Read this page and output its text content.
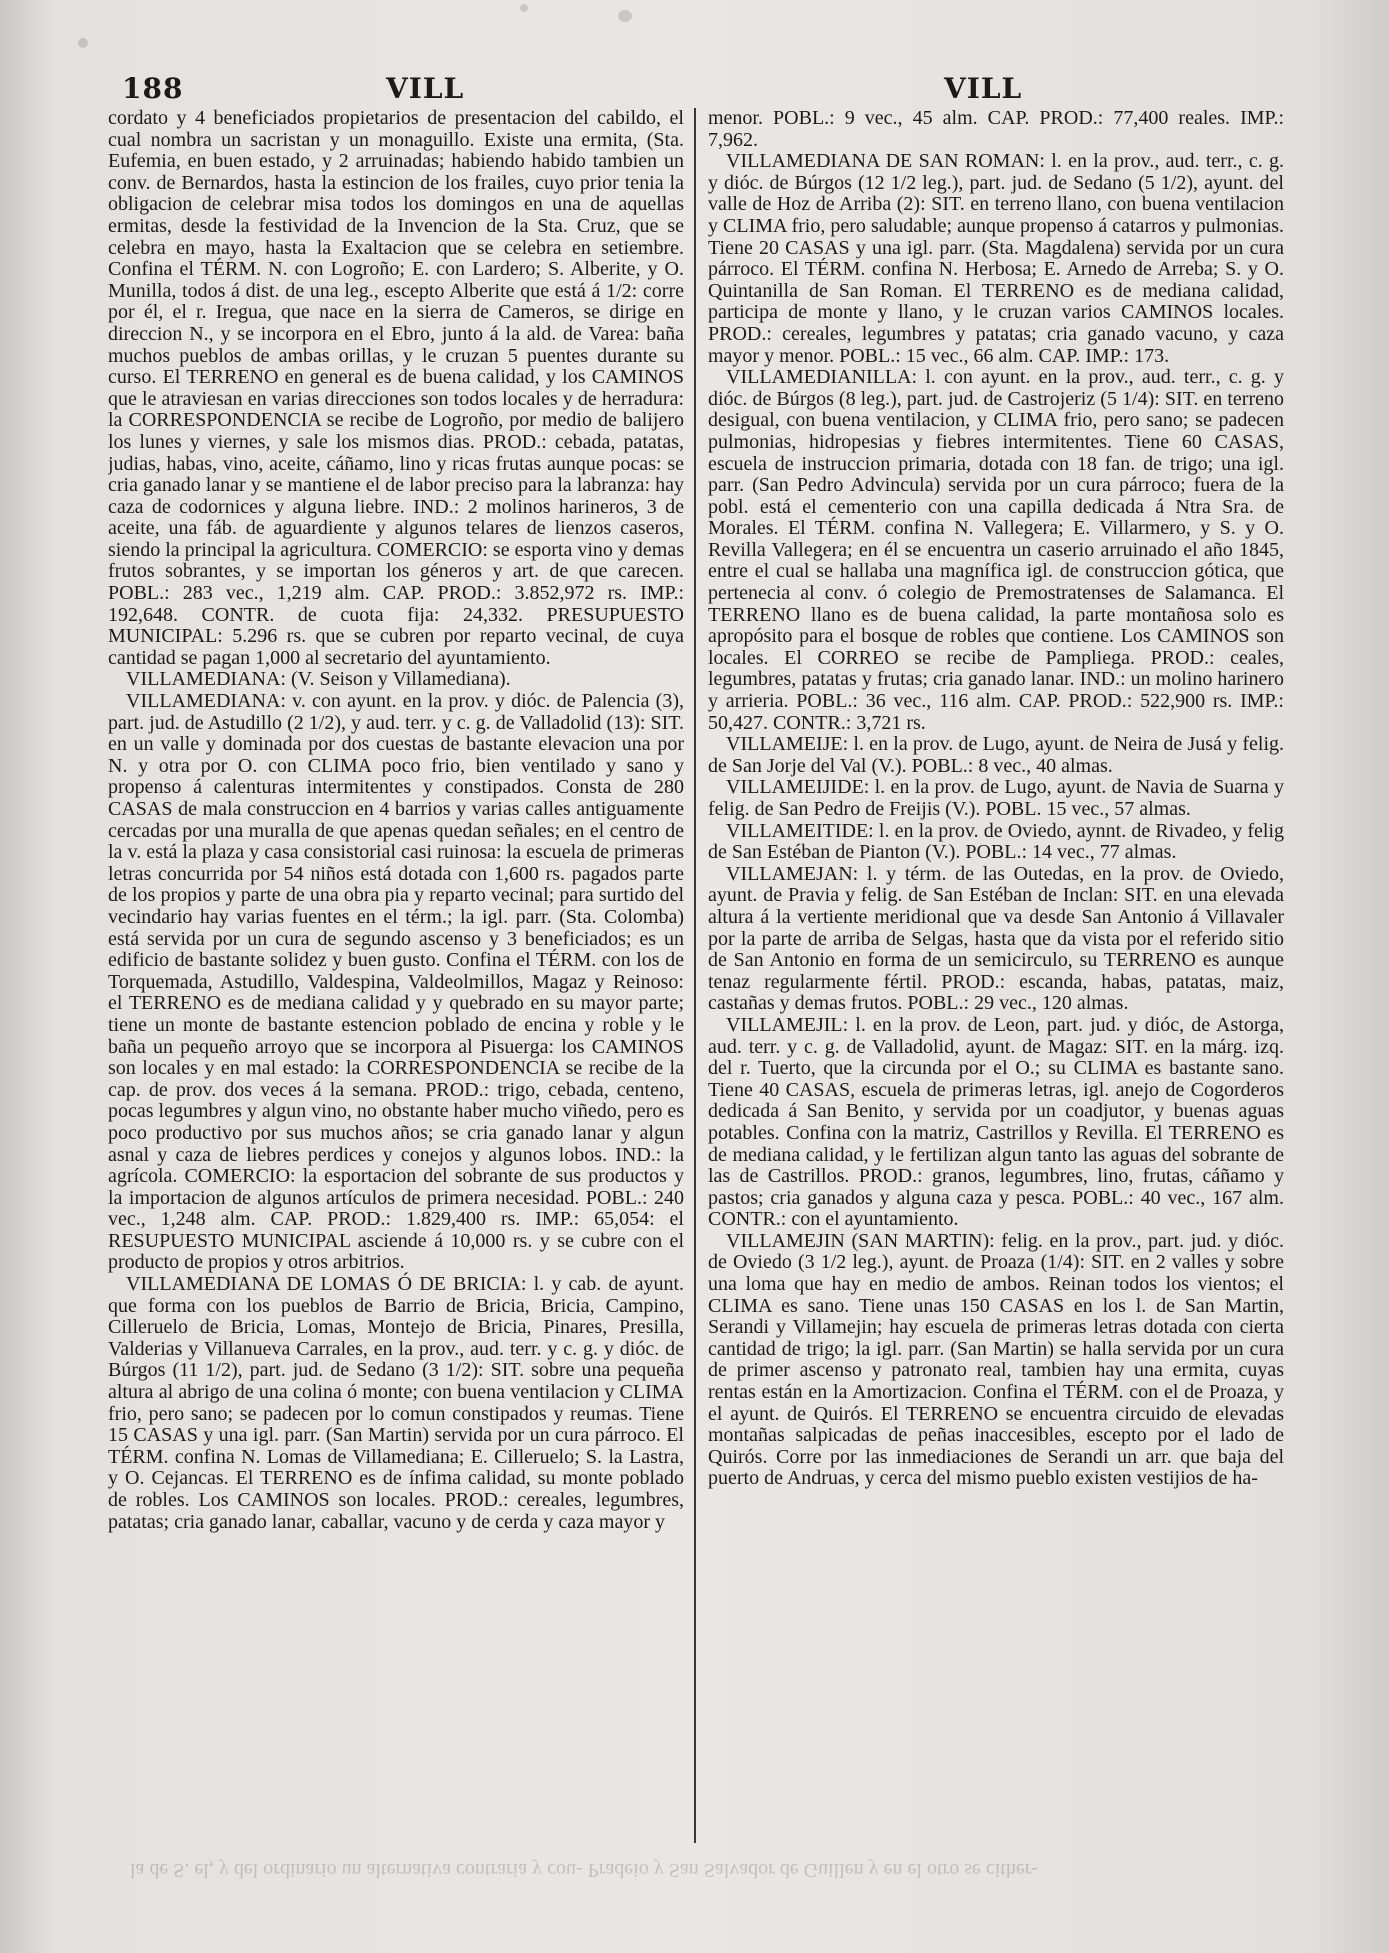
188	VILL	VILL

cordato y 4 beneficiados propietarios de presentacion del cabildo, el cual nombra un sacristan y un monaguillo. Existe una ermita, (Sta. Eufemia, en buen estado, y 2 arruinadas; habiendo habido tambien un conv. de Bernardos, hasta la estincion de los frailes, cuyo prior tenia la obligacion de celebrar misa todos los domingos en una de aquellas ermitas, desde la festividad de la Invencion de la Sta. Cruz, que se celebra en mayo, hasta la Exaltacion que se celebra en setiembre. Confina el TÉRM. N. con Logroño; E. con Lardero; S. Alberite, y O. Munilla, todos á dist. de una leg., escepto Alberite que está á 1/2: corre por él, el r. Iregua, que nace en la sierra de Cameros, se dirige en direccion N., y se incorpora en el Ebro, junto á la ald. de Varea: baña muchos pueblos de ambas orillas, y le cruzan 5 puentes durante su curso. El TERRENO en general es de buena calidad, y los CAMINOS que le atraviesan en varias direcciones son todos locales y de herradura: la CORRESPONDENCIA se recibe de Logroño, por medio de balijero los lunes y viernes, y sale los mismos dias. PROD.: cebada, patatas, judias, habas, vino, aceite, cáñamo, lino y ricas frutas aunque pocas: se cria ganado lanar y se mantiene el de labor preciso para la labranza: hay caza de codornices y alguna liebre. IND.: 2 molinos harineros, 3 de aceite, una fáb. de aguardiente y algunos telares de lienzos caseros, siendo la principal la agricultura. COMERCIO: se esporta vino y demas frutos sobrantes, y se importan los géneros y art. de que carecen. POBL.: 283 vec., 1,219 alm. CAP. PROD.: 3.852,972 rs. IMP.: 192,648. CONTR. de cuota fija: 24,332. PRESUPUESTO MUNICIPAL: 5.296 rs. que se cubren por reparto vecinal, de cuya cantidad se pagan 1,000 al secretario del ayuntamiento.

VILLAMEDIANA: (V. Seison y Villamediana).

VILLAMEDIANA: v. con ayunt. en la prov. y dióc. de Palencia (3), part. jud. de Astudillo (2 1/2), y aud. terr. y c. g. de Valladolid (13): SIT. en un valle y dominada por dos cuestas de bastante elevacion una por N. y otra por O. con CLIMA poco frio, bien ventilado y sano y propenso á calenturas intermitentes y constipados. Consta de 280 CASAS de mala construccion en 4 barrios y varias calles antiguamente cercadas por una muralla de que apenas quedan señales; en el centro de la v. está la plaza y casa consistorial casi ruinosa: la escuela de primeras letras concurrida por 54 niños está dotada con 1,600 rs. pagados parte de los propios y parte de una obra pia y reparto vecinal; para surtido del vecindario hay varias fuentes en el térm.; la igl. parr. (Sta. Colomba) está servida por un cura de segundo ascenso y 3 beneficiados; es un edificio de bastante solidez y buen gusto. Confina el TÉRM. con los de Torquemada, Astudillo, Valdespina, Valdeolmillos, Magaz y Reinoso: el TERRENO es de mediana calidad y y quebrado en su mayor parte; tiene un monte de bastante estencion poblado de encina y roble y le baña un pequeño arroyo que se incorpora al Pisuerga: los CAMINOS son locales y en mal estado: la CORRESPONDENCIA se recibe de la cap. de prov. dos veces á la semana. PROD.: trigo, cebada, centeno, pocas legumbres y algun vino, no obstante haber mucho viñedo, pero es poco productivo por sus muchos años; se cria ganado lanar y algun asnal y caza de liebres perdices y conejos y algunos lobos. IND.: la agrícola. COMERCIO: la esportacion del sobrante de sus productos y la importacion de algunos artículos de primera necesidad. POBL.: 240 vec., 1,248 alm. CAP. PROD.: 1.829,400 rs. IMP.: 65,054: el RESUPUESTO MUNICIPAL asciende á 10,000 rs. y se cubre con el producto de propios y otros arbitrios.

VILLAMEDIANA DE LOMAS Ó DE BRICIA: l. y cab. de ayunt. que forma con los pueblos de Barrio de Bricia, Bricia, Campino, Cilleruelo de Bricia, Lomas, Montejo de Bricia, Pinares, Presilla, Valderias y Villanueva Carrales, en la prov., aud. terr. y c. g. y dióc. de Búrgos (11 1/2), part. jud. de Sedano (3 1/2): SIT. sobre una pequeña altura al abrigo de una colina ó monte; con buena ventilacion y CLIMA frio, pero sano; se padecen por lo comun constipados y reumas. Tiene 15 CASAS y una igl. parr. (San Martin) servida por un cura párroco. El TÉRM. confina N. Lomas de Villamediana; E. Cilleruelo; S. la Lastra, y O. Cejancas. El TERRENO es de ínfima calidad, su monte poblado de robles. Los CAMINOS son locales. PROD.: cereales, legumbres, patatas; cria ganado lanar, caballar, vacuno y de cerda y caza mayor y

menor. POBL.: 9 vec., 45 alm. CAP. PROD.: 77,400 reales. IMP.: 7,962.

VILLAMEDIANA DE SAN ROMAN: l. en la prov., aud. terr., c. g. y dióc. de Búrgos (12 1/2 leg.), part. jud. de Sedano (5 1/2), ayunt. del valle de Hoz de Arriba (2): SIT. en terreno llano, con buena ventilacion y CLIMA frio, pero saludable; aunque propenso á catarros y pulmonias. Tiene 20 CASAS y una igl. parr. (Sta. Magdalena) servida por un cura párroco. El TÉRM. confina N. Herbosa; E. Arnedo de Arreba; S. y O. Quintanilla de San Roman. El TERRENO es de mediana calidad, participa de monte y llano, y le cruzan varios CAMINOS locales. PROD.: cereales, legumbres y patatas; cria ganado vacuno, y caza mayor y menor. POBL.: 15 vec., 66 alm. CAP. IMP.: 173.

VILLAMEDIANILLA: l. con ayunt. en la prov., aud. terr., c. g. y dióc. de Búrgos (8 leg.), part. jud. de Castrojeriz (5 1/4): SIT. en terreno desigual, con buena ventilacion, y CLIMA frio, pero sano; se padecen pulmonias, hidropesias y fiebres intermitentes. Tiene 60 CASAS, escuela de instruccion primaria, dotada con 18 fan. de trigo; una igl. parr. (San Pedro Advincula) servida por un cura párroco; fuera de la pobl. está el cementerio con una capilla dedicada á Ntra Sra. de Morales. El TÉRM. confina N. Vallegera; E. Villarmero, y S. y O. Revilla Vallegera; en él se encuentra un caserio arruinado el año 1845, entre el cual se hallaba una magnífica igl. de construccion gótica, que pertenecia al conv. ó colegio de Premostratenses de Salamanca. El TERRENO llano es de buena calidad, la parte montañosa solo es apropósito para el bosque de robles que contiene. Los CAMINOS son locales. El CORREO se recibe de Pampliega. PROD.: ceales, legumbres, patatas y frutas; cria ganado lanar. IND.: un molino harinero y arrieria. POBL.: 36 vec., 116 alm. CAP. PROD.: 522,900 rs. IMP.: 50,427. CONTR.: 3,721 rs.

VILLAMEIJE: l. en la prov. de Lugo, ayunt. de Neira de Jusá y felig. de San Jorje del Val (V.). POBL.: 8 vec., 40 almas.

VILLAMEIJIDE: l. en la prov. de Lugo, ayunt. de Navia de Suarna y felig. de San Pedro de Freijis (V.). POBL. 15 vec., 57 almas.

VILLAMEITIDE: l. en la prov. de Oviedo, aynnt. de Rivadeo, y felig de San Estéban de Pianton (V.). POBL.: 14 vec., 77 almas.

VILLAMEJAN: l. y térm. de las Outedas, en la prov. de Oviedo, ayunt. de Pravia y felig. de San Estéban de Inclan: SIT. en una elevada altura á la vertiente meridional que va desde San Antonio á Villavaler por la parte de arriba de Selgas, hasta que da vista por el referido sitio de San Antonio en forma de un semicirculo, su TERRENO es aunque tenaz regularmente fértil. PROD.: escanda, habas, patatas, maiz, castañas y demas frutos. POBL.: 29 vec., 120 almas.

VILLAMEJIL: l. en la prov. de Leon, part. jud. y dióc, de Astorga, aud. terr. y c. g. de Valladolid, ayunt. de Magaz: SIT. en la márg. izq. del r. Tuerto, que la circunda por el O.; su CLIMA es bastante sano. Tiene 40 CASAS, escuela de primeras letras, igl. anejo de Cogorderos dedicada á San Benito, y servida por un coadjutor, y buenas aguas potables. Confina con la matriz, Castrillos y Revilla. El TERRENO es de mediana calidad, y le fertilizan algun tanto las aguas del sobrante de las de Castrillos. PROD.: granos, legumbres, lino, frutas, cáñamo y pastos; cria ganados y alguna caza y pesca. POBL.: 40 vec., 167 alm. CONTR.: con el ayuntamiento.

VILLAMEJIN (SAN MARTIN): felig. en la prov., part. jud. y dióc. de Oviedo (3 1/2 leg.), ayunt. de Proaza (1/4): SIT. en 2 valles y sobre una loma que hay en medio de ambos. Reinan todos los vientos; el CLIMA es sano. Tiene unas 150 CASAS en los l. de San Martin, Serandi y Villamejin; hay escuela de primeras letras dotada con cierta cantidad de trigo; la igl. parr. (San Martin) se halla servida por un cura de primer ascenso y patronato real, tambien hay una ermita, cuyas rentas están en la Amortizacion. Confina el TÉRM. con el de Proaza, y el ayunt. de Quirós. El TERRENO se encuentra circuido de elevadas montañas salpicadas de peñas inaccesibles, escepto por el lado de Quirós. Corre por las inmediaciones de Serandi un arr. que baja del puerto de Andruas, y cerca del mismo pueblo existen vestijios de ha-

la de S. el, y del ordinario un alternativa contraria y cou- Pradeio y San Salvador de Guillen y en el otro se cither-
